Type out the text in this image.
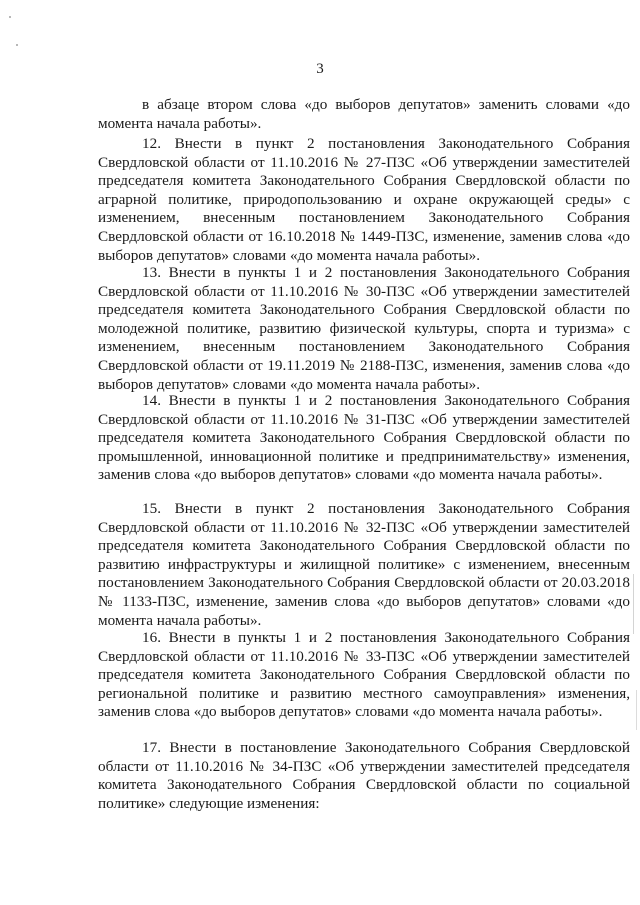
3

в абзаце втором слова «до выборов депутатов» заменить словами «до момента начала работы».

12. Внести в пункт 2 постановления Законодательного Собрания Свердловской области от 11.10.2016 № 27-ПЗС «Об утверждении заместителей председателя комитета Законодательного Собрания Свердловской области по аграрной политике, природопользованию и охране окружающей среды» с изменением, внесенным постановлением Законодательного Собрания Свердловской области от 16.10.2018 № 1449-ПЗС, изменение, заменив слова «до выборов депутатов» словами «до момента начала работы».

13. Внести в пункты 1 и 2 постановления Законодательного Собрания Свердловской области от 11.10.2016 № 30-ПЗС «Об утверждении заместителей председателя комитета Законодательного Собрания Свердловской области по молодежной политике, развитию физической культуры, спорта и туризма» с изменением, внесенным постановлением Законодательного Собрания Свердловской области от 19.11.2019 № 2188-ПЗС, изменения, заменив слова «до выборов депутатов» словами «до момента начала работы».

14. Внести в пункты 1 и 2 постановления Законодательного Собрания Свердловской области от 11.10.2016 № 31-ПЗС «Об утверждении заместителей председателя комитета Законодательного Собрания Свердловской области по промышленной, инновационной политике и предпринимательству» изменения, заменив слова «до выборов депутатов» словами «до момента начала работы».

15. Внести в пункт 2 постановления Законодательного Собрания Свердловской области от 11.10.2016 № 32-ПЗС «Об утверждении заместителей председателя комитета Законодательного Собрания Свердловской области по развитию инфраструктуры и жилищной политике» с изменением, внесенным постановлением Законодательного Собрания Свердловской области от 20.03.2018 № 1133-ПЗС, изменение, заменив слова «до выборов депутатов» словами «до момента начала работы».

16. Внести в пункты 1 и 2 постановления Законодательного Собрания Свердловской области от 11.10.2016 № 33-ПЗС «Об утверждении заместителей председателя комитета Законодательного Собрания Свердловской области по региональной политике и развитию местного самоуправления» изменения, заменив слова «до выборов депутатов» словами «до момента начала работы».

17. Внести в постановление Законодательного Собрания Свердловской области от 11.10.2016 № 34-ПЗС «Об утверждении заместителей председателя комитета Законодательного Собрания Свердловской области по социальной политике» следующие изменения:
